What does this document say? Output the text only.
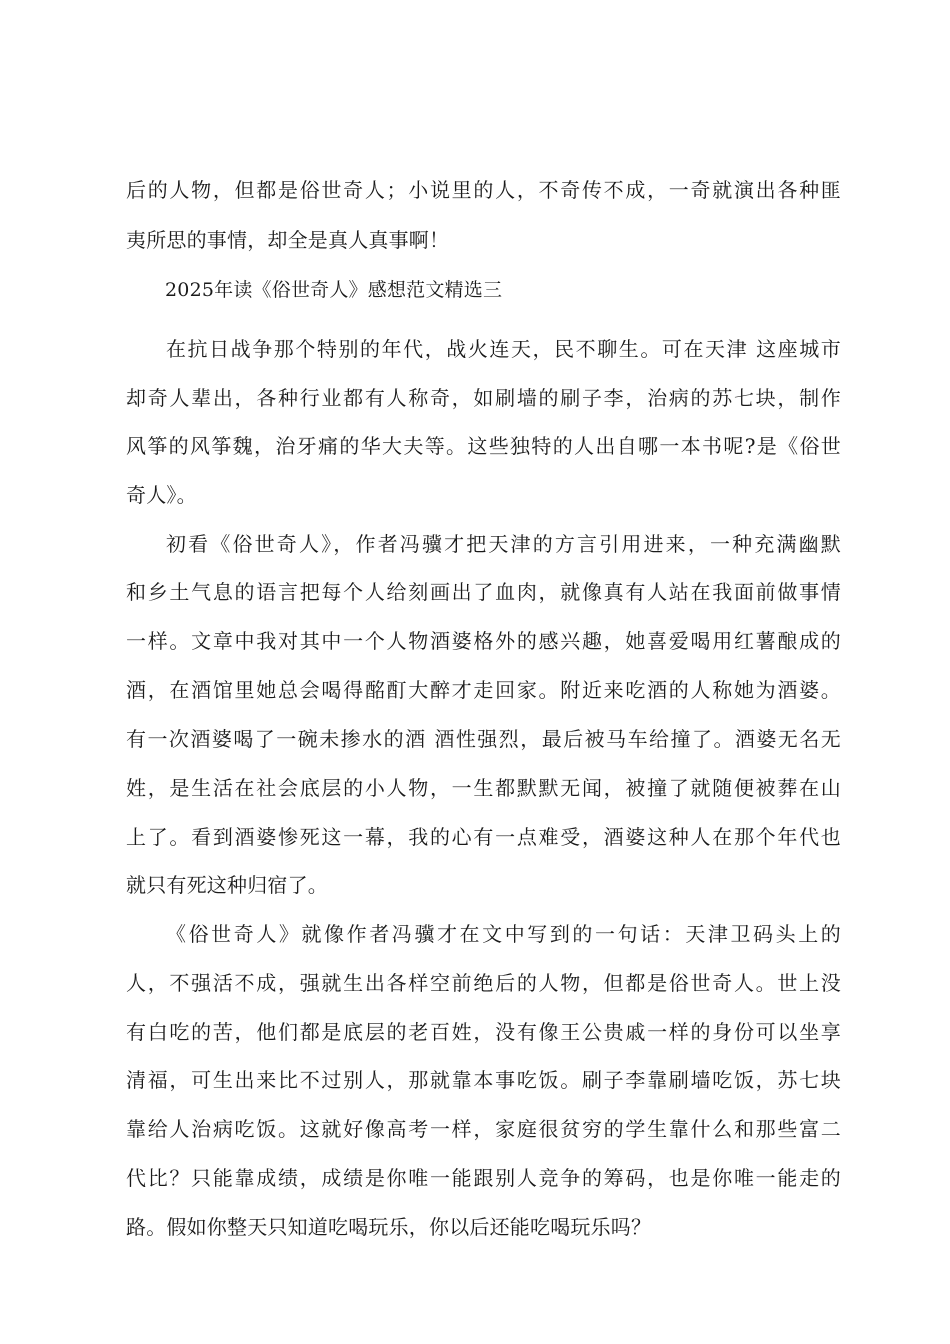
后的人物，但都是俗世奇人；小说里的人，不奇传不成，一奇就演出各种匪
夷所思的事情，却全是真人真事啊！
2025年读《俗世奇人》感想范文精选三
在抗日战争那个特别的年代，战火连天，民不聊生。可在天津 这座城市
却奇人辈出，各种行业都有人称奇，如刷墙的刷子李，治病的苏七块，制作
风筝的风筝魏，治牙痛的华大夫等。这些独特的人出自哪一本书呢?是《俗世
奇人》。
初看《俗世奇人》，作者冯骥才把天津的方言引用进来，一种充满幽默
和乡土气息的语言把每个人给刻画出了血肉，就像真有人站在我面前做事情
一样。文章中我对其中一个人物酒婆格外的感兴趣，她喜爱喝用红薯酿成的
酒，在酒馆里她总会喝得酩酊大醉才走回家。附近来吃酒的人称她为酒婆。
有一次酒婆喝了一碗未掺水的酒 酒性强烈，最后被马车给撞了。酒婆无名无
姓，是生活在社会底层的小人物，一生都默默无闻，被撞了就随便被葬在山
上了。看到酒婆惨死这一幕，我的心有一点难受，酒婆这种人在那个年代也
就只有死这种归宿了。
《俗世奇人》就像作者冯骥才在文中写到的一句话：天津卫码头上的
人，不强活不成，强就生出各样空前绝后的人物，但都是俗世奇人。世上没
有白吃的苦，他们都是底层的老百姓，没有像王公贵戚一样的身份可以坐享
清福，可生出来比不过别人，那就靠本事吃饭。刷子李靠刷墙吃饭，苏七块
靠给人治病吃饭。这就好像高考一样，家庭很贫穷的学生靠什么和那些富二
代比？只能靠成绩，成绩是你唯一能跟别人竞争的筹码，也是你唯一能走的
路。假如你整天只知道吃喝玩乐，你以后还能吃喝玩乐吗？
